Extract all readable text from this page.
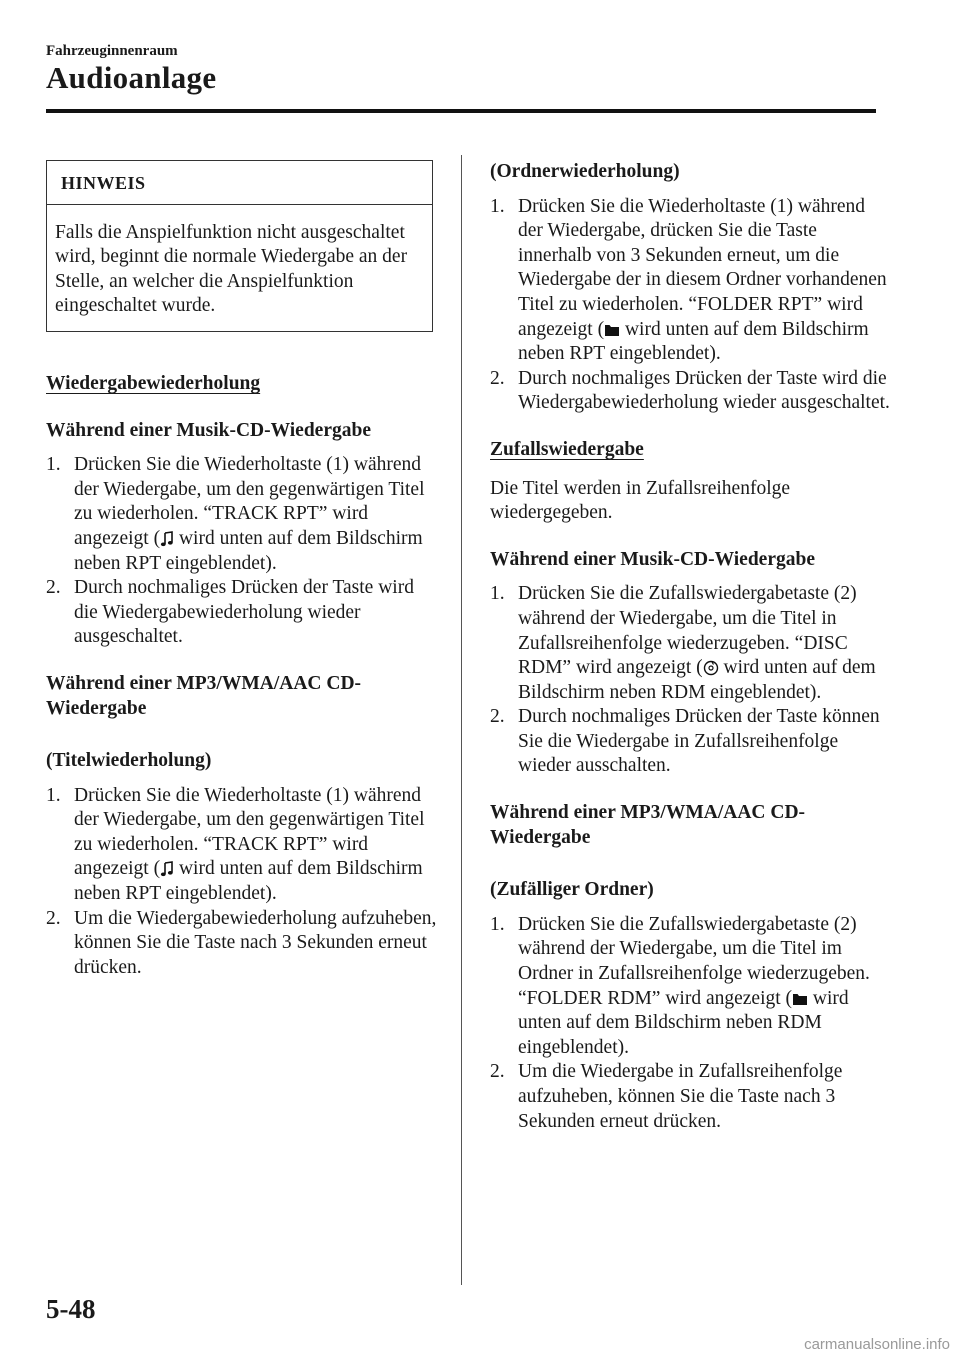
Fahrzeuginnenraum
Audioanlage
HINWEIS
Falls die Anspielfunktion nicht ausgeschaltet wird, beginnt die normale Wiedergabe an der Stelle, an welcher die Anspielfunktion eingeschaltet wurde.
Wiedergabewiederholung
Während einer Musik-CD-Wiedergabe
1. Drücken Sie die Wiederholtaste (1) während der Wiedergabe, um den gegenwärtigen Titel zu wiederholen. “TRACK RPT” wird angezeigt ( wird unten auf dem Bildschirm neben RPT eingeblendet).
2. Durch nochmaliges Drücken der Taste wird die Wiedergabewiederholung wieder ausgeschaltet.
Während einer MP3/WMA/AAC CD-Wiedergabe
(Titelwiederholung)
1. Drücken Sie die Wiederholtaste (1) während der Wiedergabe, um den gegenwärtigen Titel zu wiederholen. “TRACK RPT” wird angezeigt ( wird unten auf dem Bildschirm neben RPT eingeblendet).
2. Um die Wiedergabewiederholung aufzuheben, können Sie die Taste nach 3 Sekunden erneut drücken.
(Ordnerwiederholung)
1. Drücken Sie die Wiederholtaste (1) während der Wiedergabe, drücken Sie die Taste innerhalb von 3 Sekunden erneut, um die Wiedergabe der in diesem Ordner vorhandenen Titel zu wiederholen. “FOLDER RPT” wird angezeigt ( wird unten auf dem Bildschirm neben RPT eingeblendet).
2. Durch nochmaliges Drücken der Taste wird die Wiedergabewiederholung wieder ausgeschaltet.
Zufallswiedergabe
Die Titel werden in Zufallsreihenfolge wiedergegeben.
Während einer Musik-CD-Wiedergabe
1. Drücken Sie die Zufallswiedergabetaste (2) während der Wiedergabe, um die Titel in Zufallsreihenfolge wiederzugeben. “DISC RDM” wird angezeigt ( wird unten auf dem Bildschirm neben RDM eingeblendet).
2. Durch nochmaliges Drücken der Taste können Sie die Wiedergabe in Zufallsreihenfolge wieder ausschalten.
Während einer MP3/WMA/AAC CD-Wiedergabe
(Zufälliger Ordner)
1. Drücken Sie die Zufallswiedergabetaste (2) während der Wiedergabe, um die Titel im Ordner in Zufallsreihenfolge wiederzugeben. “FOLDER RDM” wird angezeigt ( wird unten auf dem Bildschirm neben RDM eingeblendet).
2. Um die Wiedergabe in Zufallsreihenfolge aufzuheben, können Sie die Taste nach 3 Sekunden erneut drücken.
5-48
carmanualsonline.info
